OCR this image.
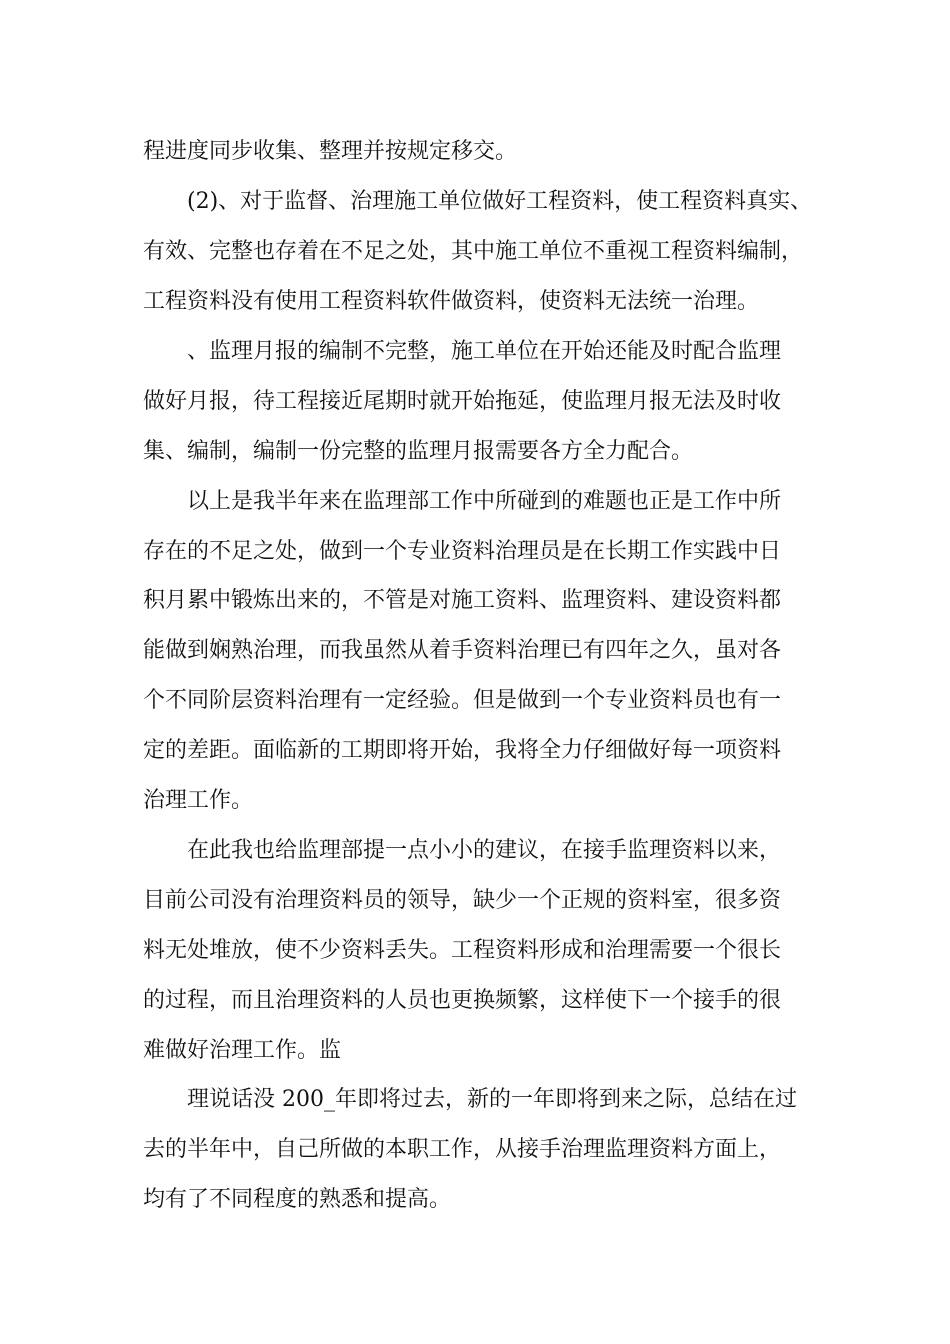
程进度同步收集、整理并按规定移交。

(2)、对于监督、治理施工单位做好工程资料，使工程资料真实、

有效、完整也存着在不足之处，其中施工单位不重视工程资料编制，

工程资料没有使用工程资料软件做资料，使资料无法统一治理。

、监理月报的编制不完整，施工单位在开始还能及时配合监理

做好月报，待工程接近尾期时就开始拖延，使监理月报无法及时收

集、编制，编制一份完整的监理月报需要各方全力配合。

以上是我半年来在监理部工作中所碰到的难题也正是工作中所

存在的不足之处，做到一个专业资料治理员是在长期工作实践中日

积月累中锻炼出来的，不管是对施工资料、监理资料、建设资料都

能做到娴熟治理，而我虽然从着手资料治理已有四年之久，虽对各

个不同阶层资料治理有一定经验。但是做到一个专业资料员也有一

定的差距。面临新的工期即将开始，我将全力仔细做好每一项资料

治理工作。

在此我也给监理部提一点小小的建议，在接手监理资料以来，

目前公司没有治理资料员的领导，缺少一个正规的资料室，很多资

料无处堆放，使不少资料丢失。工程资料形成和治理需要一个很长

的过程，而且治理资料的人员也更换频繁，这样使下一个接手的很

难做好治理工作。监

理说话没 200_年即将过去，新的一年即将到来之际，总结在过

去的半年中，自己所做的本职工作，从接手治理监理资料方面上，

均有了不同程度的熟悉和提高。
